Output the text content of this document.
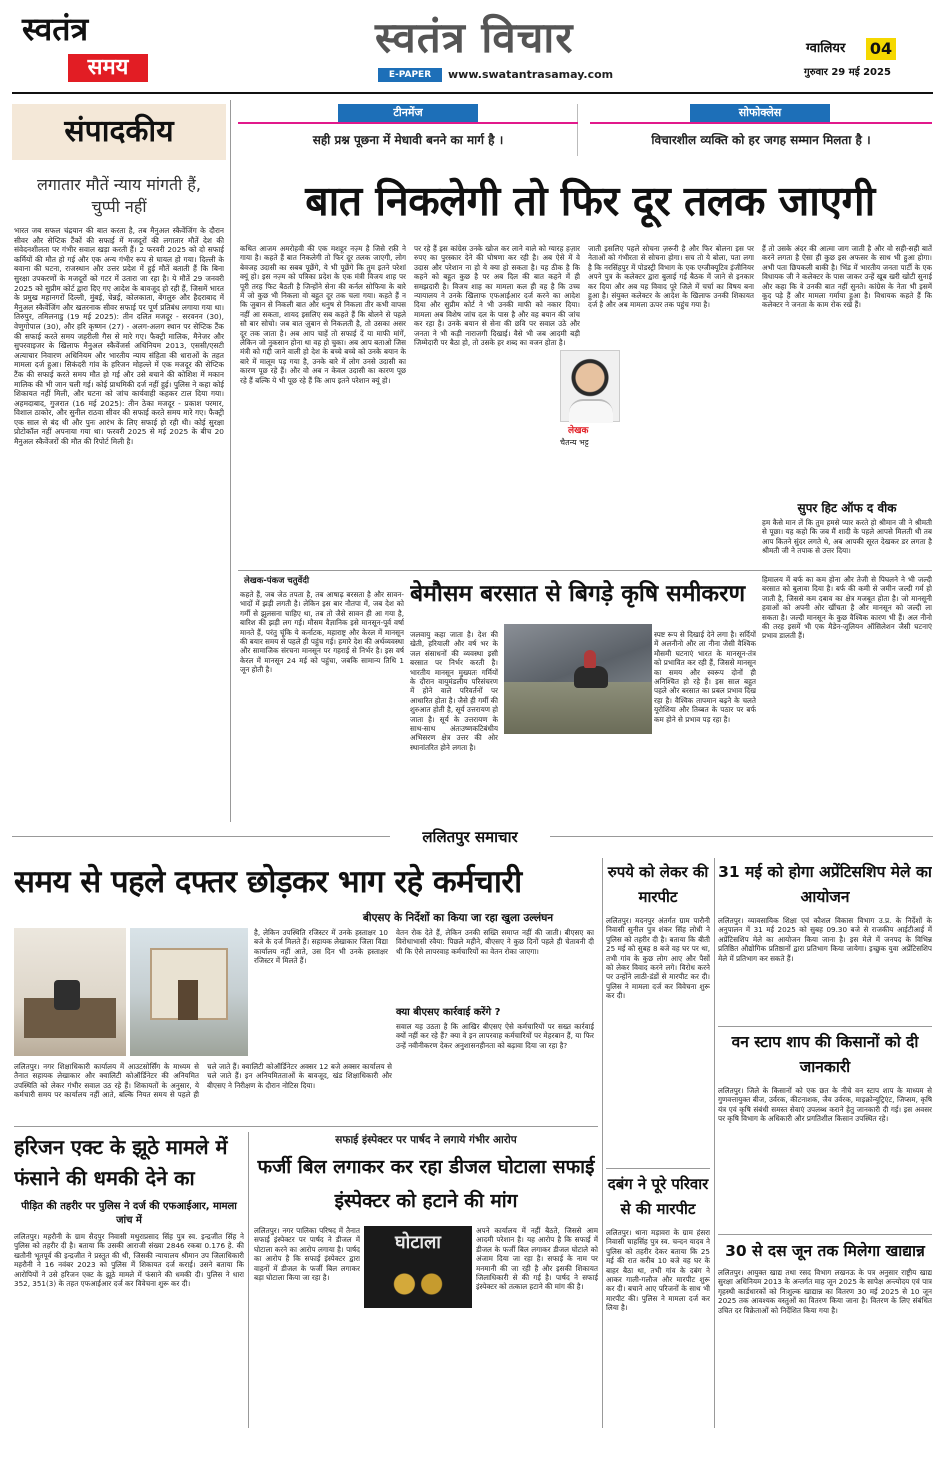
स्वतंत्र
समय
स्वतंत्र विचार
E-PAPER	www.swatantrasamay.com
ग्वालियर 04
गुरुवार 29 मई 2025
संपादकीय
लगातार मौतें न्याय मांगती हैं, चुप्पी नहीं
भारत जब सफल चंद्रयान की बात करता है, तब मैनुअल स्कैवेंजिंग के दौरान सीवर और सेप्टिक टैंकों की सफाई में मजदूरों की लगातार मौतें देश की संवेदनशीलता पर गंभीर सवाल खड़ा करती हैं। 2 फरवरी 2025 को दो सफाई कर्मियों की मौत हो गई और एक अन्य गंभीर रूप से घायल हो गया। दिल्ली के बवाना की घटना, राजस्थान और उत्तर प्रदेश में हुई मौतें बताती हैं कि बिना सुरक्षा उपकरणों के मजदूरों को गटर में उतारा जा रहा है। ये मौतें 29 जनवरी 2025 को सुप्रीम कोर्ट द्वारा दिए गए आदेश के बावजूद हो रही हैं, जिसमें भारत के प्रमुख महानगरों दिल्ली, मुंबई, चेन्नई, कोलकाता, बेंगलुरु और हैदराबाद में मैनुअल स्कैवेंजिंग और खतरनाक सीवर सफाई पर पूर्ण प्रतिबंध लगाया गया था। तिरुपुर, तमिलनाडु (19 मई 2025): तीन दलित मजदूर - सरवनन (30), वेणुगोपाल (30), और हरि कृष्णन (27) - अलग-अलग स्थान पर सेप्टिक टैंक की सफाई करते समय जहरीली गैस से मारे गए। फैक्ट्री मालिक, मैनेजर और सुपरवाइजर के खिलाफ मैनुअल स्कैवेंजर्स अधिनियम 2013, एससी/एसटी अत्याचार निवारण अधिनियम और भारतीय न्याय संहिता की धाराओं के तहत मामला दर्ज हुआ। सिकंदरी गांव के हरिजन मोहल्ले में एक मजदूर की सेप्टिक टैंक की सफाई करते समय मौत हो गई और उसे बचाने की कोशिश में मकान मालिक की भी जान चली गई। कोई प्राथमिकी दर्ज नहीं हुई। पुलिस ने कहा कोई शिकायत नहीं मिली, और घटना को जांच कार्यवाही कहकर टाल दिया गया। अहमदाबाद, गुजरात (16 मई 2025): तीन ठेका मजदूर - प्रकाश परमार, विशाल ठाकोर, और सुनील राठवा सीवर की सफाई करते समय मारे गए। फैक्ट्री एक साल से बंद थी और पुनः आरंभ के लिए सफाई हो रही थी। कोई सुरक्षा प्रोटोकॉल नहीं अपनाया गया था। फरवरी 2025 से मई 2025 के बीच 20 मैनुअल स्कैवेंजरों की मौत की रिपोर्ट मिली है।
टीनमेंज
सही प्रश्न पूछना में मेधावी बनने का मार्ग है ।
सोफोक्लेस
विचारशील व्यक्ति को हर जगह सम्मान मिलता है ।
बात निकलेगी तो फिर दूर तलक जाएगी
कथित आजम अमरोहवी की एक मशहूर नज़्म है जिसे रफ़ी ने गाया है। कहते हैं बात निकलेगी तो फिर दूर तलक जाएगी, लोग बेवजह उदासी का सबब पूछेंगे, ये भी पूछेंगे कि तुम इतने परेशां क्यूं हो। इस नज़्म को पत्रिका प्रदेश के एक मंत्री विजय शाह पर पूरी तरह फिट बैठती है जिन्होंने सेना की कर्नल सोफिया के बारे में जो कुछ भी निकला वो बहुत दूर तक चला गया। कहते हैं न कि जुबान से निकली बात और धनुष से निकला तीर कभी वापस नहीं आ सकता, शायद इसलिए सब कहते हैं कि बोलने से पहले सौ बार सोचो। जब बात ज़ुबान से निकलती है, तो उसका असर दूर तक जाता है। अब आप चाहें तो सफाई दें या माफी मांगें, लेकिन जो नुकसान होना था वह हो चुका। अब आप बताओ जिस मंत्री को गद्दी जाने वाली हो देश के बच्चे बच्चे को उनके बयान के बारे में मालूम पड़ गया है, उनके बारे में लोग उनसे उदासी का कारण पूछ रहे हैं। और वो अब न केवल उदासी का कारण पूछ रहे हैं बल्कि ये भी पूछ रहे हैं कि आप इतने परेशान क्यूं हो।
पर रहे हैं इस कांग्रेस उनके खोज कर लाने वाले को ग्यारह हज़ार रुपए का पुरस्कार देने की घोषणा कर रही है। अब ऐसे में वे उदास और परेशान ना हो ये क्या हो सकता है। यह ठीक है कि कहने को बहुत कुछ है पर अब दिल की बात कहने में ही समझदारी है। विजय शाह का मामला कल ही वह है कि उच्च न्यायालय ने उनके खिलाफ एफआईआर दर्ज करने का आदेश दिया और सुप्रीम कोर्ट ने भी उनकी माफी को नकार दिया। मामला अब विशेष जांच दल के पास है और वह बयान की जांच कर रहा है। उनके बयान से सेना की छवि पर सवाल उठे और जनता ने भी कड़ी नाराजगी दिखाई। वैसे भी जब आदमी बड़ी जिम्मेदारी पर बैठा हो, तो उसके हर शब्द का वजन होता है।
लेखक
चैतन्य भट्ट
जाती इसलिए पहले सोचना ज़रूरी है और फिर बोलना इस पर नेताओं को गंभीरता से सोचना होगा। सच तो ये बोला, पता लगा है कि नरसिंहपुर में पोडस्ट्री विभाग के एक एग्जीक्यूटिव इंजीनियर अपने पुत्र के कलेक्टर द्वारा बुलाई गई बैठक में जाने से इनकार कर दिया और अब यह विवाद पूरे जिले में चर्चा का विषय बना हुआ है। संयुक्त कलेक्टर के आदेश के खिलाफ उनकी शिकायत दर्ज है और अब मामला ऊपर तक पहुंच गया है।
हैं तो उसके अंदर की आत्मा जाग जाती है और वो सही-सही बातें करने लगता है ऐसा ही कुछ इस अफसर के साथ भी हुआ होगा। अभी पता छिपकली बाकी है। भिंड में भारतीय जनता पार्टी के एक विधायक जी ने कलेक्टर के पास जाकर उन्हें खूब खरी खोटी सुनाई और कहा कि वे उनकी बात नहीं सुनते। कांग्रेस के नेता भी इसमें कूद पड़े हैं और मामला गर्माया हुआ है। विधायक कहते हैं कि कलेक्टर ने जनता के काम रोक रखे हैं।
सुपर हिट ऑफ द वीक
हम कैसे मान लें कि तुम हमसे प्यार करते हो श्रीमान जी ने श्रीमती से पूछा। यह कहो कि जब मैं शादी के पहले आपसे मिलती थी तब आप कितने सुंदर लगते थे, अब आपकी सूरत देखकर डर लगता है श्रीमती जी ने तपाक से उत्तर दिया।
लेखक-पंकज चतुर्वेदी	बेमौसम बरसात से बिगड़े कृषि समीकरण
कहते हैं, जब जेठ तपता है, तब आषाढ़ बरसता है और सावन-भादों में झड़ी लगती है। लेकिन इस बार नौतपा में, जब देश को गर्मी से झुलसना चाहिए था, तब तो जैसे सावन ही आ गया है, बारिश की झड़ी लग गई। मौसम वैज्ञानिक इसे मानसून-पूर्व वर्षा मानते हैं, परंतु चूंकि ये कर्नाटक, महाराष्ट्र और केरल में मानसून की बयार समय से पहले ही पहुंच गई। हमारे देश की अर्थव्यवस्था और सामाजिक संरचना मानसून पर गहराई से निर्भर है। इस वर्ष केरल में मानसून 24 मई को पहुंचा, जबकि सामान्य तिथि 1 जून होती है।
जलवायु कहा जाता है। देश की खेती, हरियाली और वर्ष भर के जल संसाधनों की व्यवस्था इसी बरसात पर निर्भर करती है। भारतीय मानसून मुख्यतः गर्मियों के दौरान वायुमंडलीय परिसंचरण में होने वाले परिवर्तनों पर आधारित होता है। जैसे ही गर्मी की शुरुआत होती है, सूर्य उत्तरायण हो जाता है। सूर्य के उत्तरायण के साथ-साथ अंतःउष्णकटिबंधीय अभिसरण क्षेत्र उत्तर की ओर स्थानांतरित होने लगता है।
स्पष्ट रूप से दिखाई देने लगा है। सर्दियों में अलनीनो और ला नीना जैसी वैश्विक मौसमी घटनाएं भारत के मानसून-तंत्र को प्रभावित कर रही हैं, जिससे मानसून का समय और स्वरूप दोनों ही अनिश्चित हो रहे हैं। इस साल बहुत पहले और बरसात का प्रबल प्रभाव दिख रहा है। वैश्विक तापमान बढ़ने के चलते यूरोशिया और तिब्बत के पठार पर बर्फ कम होने से प्रभाव पड़ रहा है।
हिमालय में बर्फ का कम होना और तेजी से पिघलने ने भी जल्दी बरसात को बुलावा दिया है। बर्फ की कमी से जमीन जल्दी गर्म हो जाती है, जिससे कम दबाव का क्षेत्र मजबूत होता है। जो मानसूनी हवाओं को अपनी ओर खींचता है और मानसून को जल्दी ला सकता है। जल्दी मानसून के कुछ वैश्विक कारण भी हैं। अल नीनो की तरह इसमें भी एक मैडेन-जूलियन ऑसिलेशन जैसी घटनाएं प्रभाव डालती हैं।
ललितपुर समाचार
समय से पहले दफ्तर छोड़कर भाग रहे कर्मचारी
बीएसए के निर्देशों का किया जा रहा खुला उल्लंघन
है, लेकिन उपस्थिति रजिस्टर में उनके हस्ताक्षर 10 बजे के दर्ज मिलते हैं। सहायक लेखाकार जिला विद्या कार्यालय नहीं आते, उस दिन भी उनके हस्ताक्षर रजिस्टर में मिलते हैं।
वेतन रोक देते हैं, लेकिन उनकी सख्ति समाप्त नहीं की जाती। बीएसए का विरोधाभासी रवैया: पिछले महीने, बीएसए ने कुछ दिनों पहले ही चेतावनी दी थी कि ऐसे लापरवाह कर्मचारियों का वेतन रोका जाएगा।
क्या बीएसए कार्रवाई करेंगे ?
सवाल यह उठता है कि आखिर बीएसए ऐसे कर्मचारियों पर सख्त कार्रवाई क्यों नहीं कर रहे हैं? क्या वे इन लापरवाह कर्मचारियों पर मेहरबान हैं, या फिर उन्हें नवीनीकरण देकर अनुशासनहीनता को बढ़ावा दिया जा रहा है?
ललितपुर। नगर शिक्षाधिकारी कार्यालय में आउटसोर्सिंग के माध्यम से तैनात सहायक लेखाकार और क्वालिटी कोऑर्डिनेटर की अनियमित उपस्थिति को लेकर गंभीर सवाल उठ रहे हैं। शिकायतों के अनुसार, ये कर्मचारी समय पर कार्यालय नहीं आते, बल्कि नियत समय से पहले ही चले जाते हैं। क्वालिटी कोऑर्डिनेटर अक्सर 12 बजे अक्सर कार्यालय से चले जाते हैं। इन अनियमितताओं के बावजूद, खंड शिक्षाधिकारी और बीएसए ने निरीक्षण के दौरान नोटिस दिया।
हरिजन एक्ट के झूठे मामले में फंसाने की धमकी देने का
पीड़ित की तहरीर पर पुलिस ने दर्ज की एफआईआर, मामला जांच में
ललितपुर। महरौनी के ग्राम सैदपुर निवासी मथुराप्रसाद सिंह पुत्र स्व. इन्द्रजीत सिंह ने पुलिस को तहरीर दी है। बताया कि उसकी आराजी संख्या 2846 रकबा 0.176 हे. की खतौनी भूतपूर्व की इन्द्रजीत ने प्रस्तुत की थी, जिसकी न्यायालय श्रीमान उप जिलाधिकारी महरौनी ने 16 नवंबर 2023 को पुलिस में शिकायत दर्ज कराई। उसने बताया कि आरोपियों ने उसे हरिजन एक्ट के झूठे मामले में फंसाने की धमकी दी। पुलिस ने धारा 352, 351(3) के तहत एफआईआर दर्ज कर विवेचना शुरू कर दी।
सफाई इंस्पेक्टर पर पार्षद ने लगाये गंभीर आरोप
फर्जी बिल लगाकर कर रहा डीजल घोटाला सफाई इंस्पेक्टर को हटाने की मांग
ललितपुर। नगर पालिका परिषद में तैनात सफाई इंस्पेक्टर पर पार्षद ने डीजल में घोटाला करने का आरोप लगाया है। पार्षद का आरोप है कि सफाई इंस्पेक्टर द्वारा वाहनों में डीजल के फर्जी बिल लगाकर बड़ा घोटाला किया जा रहा है।
घोटाला
अपने कार्यालय में नहीं बैठते, जिससे आम आदमी परेशान है। यह आरोप है कि सफाई में डीजल के फर्जी बिल लगाकर डीजल घोटाले को अंजाम दिया जा रहा है। सफाई के नाम पर मनमानी की जा रही है और इसकी शिकायत जिलाधिकारी से की गई है। पार्षद ने सफाई इंस्पेक्टर को तत्काल हटाने की मांग की है।
रुपये को लेकर की मारपीट
ललितपुर। मदनपुर अंतर्गत ग्राम पारौनी निवासी सुनील पुत्र शंकर सिंह लोधी ने पुलिस को तहरीर दी है। बताया कि बीती 25 मई को सुबह 8 बजे वह घर पर था, तभी गांव के कुछ लोग आए और पैसों को लेकर विवाद करने लगे। विरोध करने पर उन्होंने लाठी-डंडों से मारपीट कर दी। पुलिस ने मामला दर्ज कर विवेचना शुरू कर दी।
दबंग ने पूरे परिवार से की मारपीट
ललितपुर। थाना मड़ावरा के ग्राम हंसरा निवासी चाहसिंह पुत्र स्व. चन्दन यादव ने पुलिस को तहरीर देकर बताया कि 25 मई की रात करीब 10 बजे वह घर के बाहर बैठा था, तभी गांव के दबंग ने आकर गाली-गलौज और मारपीट शुरू कर दी। बचाने आए परिजनों के साथ भी मारपीट की। पुलिस ने मामला दर्ज कर लिया है।
31 मई को होगा अप्रेंटिसशिप मेले का आयोजन
ललितपुर। व्यावसायिक शिक्षा एवं कौशल विकास विभाग उ.प्र. के निर्देशों के अनुपालन में 31 मई 2025 को सुबह 09.30 बजे से राजकीय आईटीआई में अप्रेंटिसशिप मेले का आयोजन किया जाना है। इस मेले में जनपद के विभिन्न प्रतिष्ठित औद्योगिक प्रतिष्ठानों द्वारा प्रतिभाग किया जायेगा। इच्छुक युवा अप्रेंटिसशिप मेले में प्रतिभाग कर सकते हैं।
वन स्टाप शाप की किसानों को दी जानकारी
ललितपुर। जिले के किसानों को एक छत के नीचे वन स्टाप शाप के माध्यम से गुणवत्तायुक्त बीज, उर्वरक, कीटनाशक, जैव उर्वरक, माइक्रोन्यूट्रिएंट, जिप्सम, कृषि यंत्र एवं कृषि संबंधी समस्त सेवाएं उपलब्ध कराने हेतु जानकारी दी गई। इस अवसर पर कृषि विभाग के अधिकारी और प्रगतिशील किसान उपस्थित रहे।
30 से दस जून तक मिलेगा खाद्यान्न
ललितपुर। आयुक्त खाद्य तथा रसद विभाग लखनऊ के पत्र अनुसार राष्ट्रीय खाद्य सुरक्षा अधिनियम 2013 के अन्तर्गत माह जून 2025 के सापेक्ष अन्त्योदय एवं पात्र गृहस्थी कार्डधारकों को निःशुल्क खाद्यान्न का वितरण 30 मई 2025 से 10 जून 2025 तक आवश्यक वस्तुओं का वितरण किया जाना है। वितरण के लिए संबंधित उचित दर विक्रेताओं को निर्देशित किया गया है।
